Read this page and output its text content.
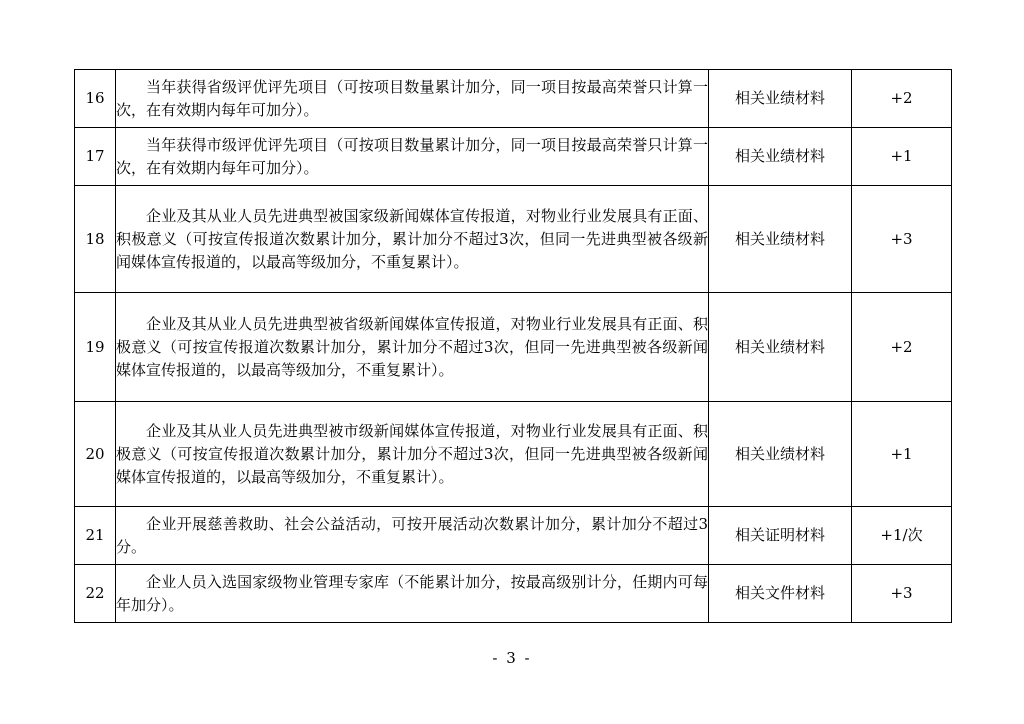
16	当年获得省级评优评先项目（可按项目数量累计加分，同一项目按最高荣誉只计算一次，在有效期内每年可加分）。	相关业绩材料	+2
17	当年获得市级评优评先项目（可按项目数量累计加分，同一项目按最高荣誉只计算一次，在有效期内每年可加分）。	相关业绩材料	+1
18	企业及其从业人员先进典型被国家级新闻媒体宣传报道，对物业行业发展具有正面、积极意义（可按宣传报道次数累计加分，累计加分不超过3次，但同一先进典型被各级新闻媒体宣传报道的，以最高等级加分，不重复累计）。	相关业绩材料	+3
19	企业及其从业人员先进典型被省级新闻媒体宣传报道，对物业行业发展具有正面、积极意义（可按宣传报道次数累计加分，累计加分不超过3次，但同一先进典型被各级新闻媒体宣传报道的，以最高等级加分，不重复累计）。	相关业绩材料	+2
20	企业及其从业人员先进典型被市级新闻媒体宣传报道，对物业行业发展具有正面、积极意义（可按宣传报道次数累计加分，累计加分不超过3次，但同一先进典型被各级新闻媒体宣传报道的，以最高等级加分，不重复累计）。	相关业绩材料	+1
21	企业开展慈善救助、社会公益活动，可按开展活动次数累计加分，累计加分不超过3分。	相关证明材料	+1/次
22	企业人员入选国家级物业管理专家库（不能累计加分，按最高级别计分，任期内可每年加分）。	相关文件材料	+3
- 3 -
